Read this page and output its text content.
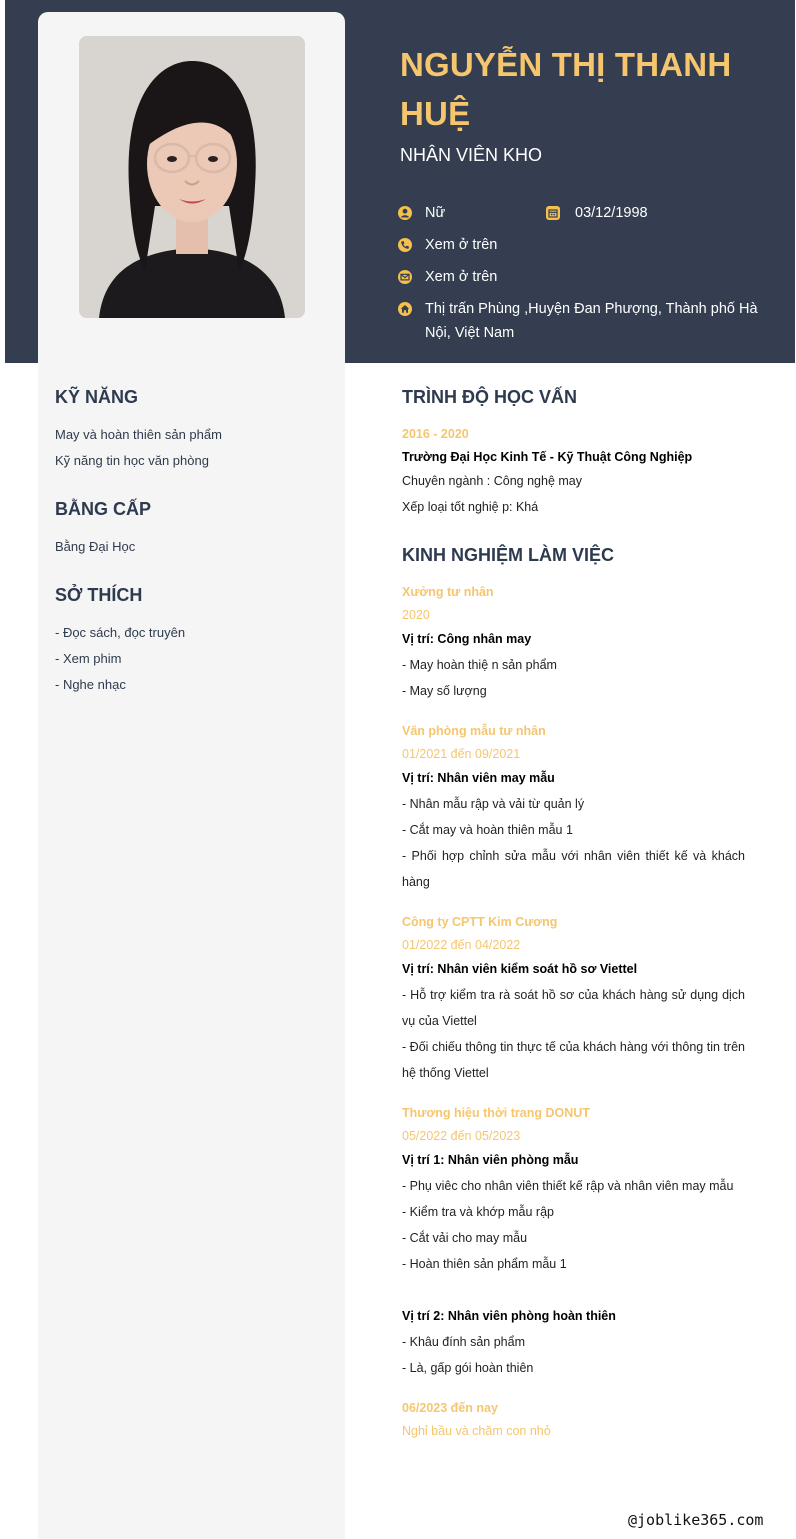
NGUYỄN THỊ THANH HUỆ

NHÂN VIÊN KHO

Nữ	03/12/1998
Xem ở trên
Xem ở trên
Thị trấn Phùng ,Huyện Đan Phượng, Thành phố Hà Nội, Việt Nam
KỸ NĂNG
May và hoàn thiên sản phẩm
Kỹ năng tin học văn phòng
BẰNG CẤP
Bằng Đại Học
SỞ THÍCH
- Đọc sách, đọc truyên
- Xem phim
- Nghe nhạc
TRÌNH ĐỘ HỌC VẤN
2016 - 2020
Trường Đại Học Kinh Tế - Kỹ Thuật Công Nghiệp
Chuyên ngành : Công nghệ may
Xếp loại tốt nghiệ p: Khá
KINH NGHIỆM LÀM VIỆC
Xưởng tư nhân
2020
Vị trí: Công nhân may
- May hoàn thiệ n sản phẩm
- May số lượng
Văn phòng mẫu tư nhân
01/2021 đến 09/2021
Vị trí: Nhân viên may mẫu
- Nhân mẫu rập và vải từ quản lý
- Cắt may và hoàn thiên mẫu 1
- Phối hợp chỉnh sửa mẫu với nhân viên thiết kế và khách hàng
Công ty CPTT Kim Cương
01/2022 đến 04/2022
Vị trí: Nhân viên kiểm soát hồ sơ Viettel
- Hỗ trợ kiểm tra rà soát hồ sơ của khách hàng sử dụng dịch vụ của Viettel
- Đối chiếu thông tin thực tế của khách hàng với thông tin trên hệ thống Viettel
Thương hiệu thời trang DONUT
05/2022 đến 05/2023
Vị trí 1: Nhân viên phòng mẫu
- Phụ viêc cho nhân viên thiết kế rập và nhân viên may mẫu
- Kiểm tra và khớp mẫu rập
- Cắt vải cho may mẫu
- Hoàn thiên sản phẩm mẫu 1
Vị trí 2: Nhân viên phòng hoàn thiên
- Khâu đính sản phẩm
- Là, gấp gói hoàn thiên
06/2023 đến nay
Nghỉ bầu và chăm con nhỏ
@joblike365.com
